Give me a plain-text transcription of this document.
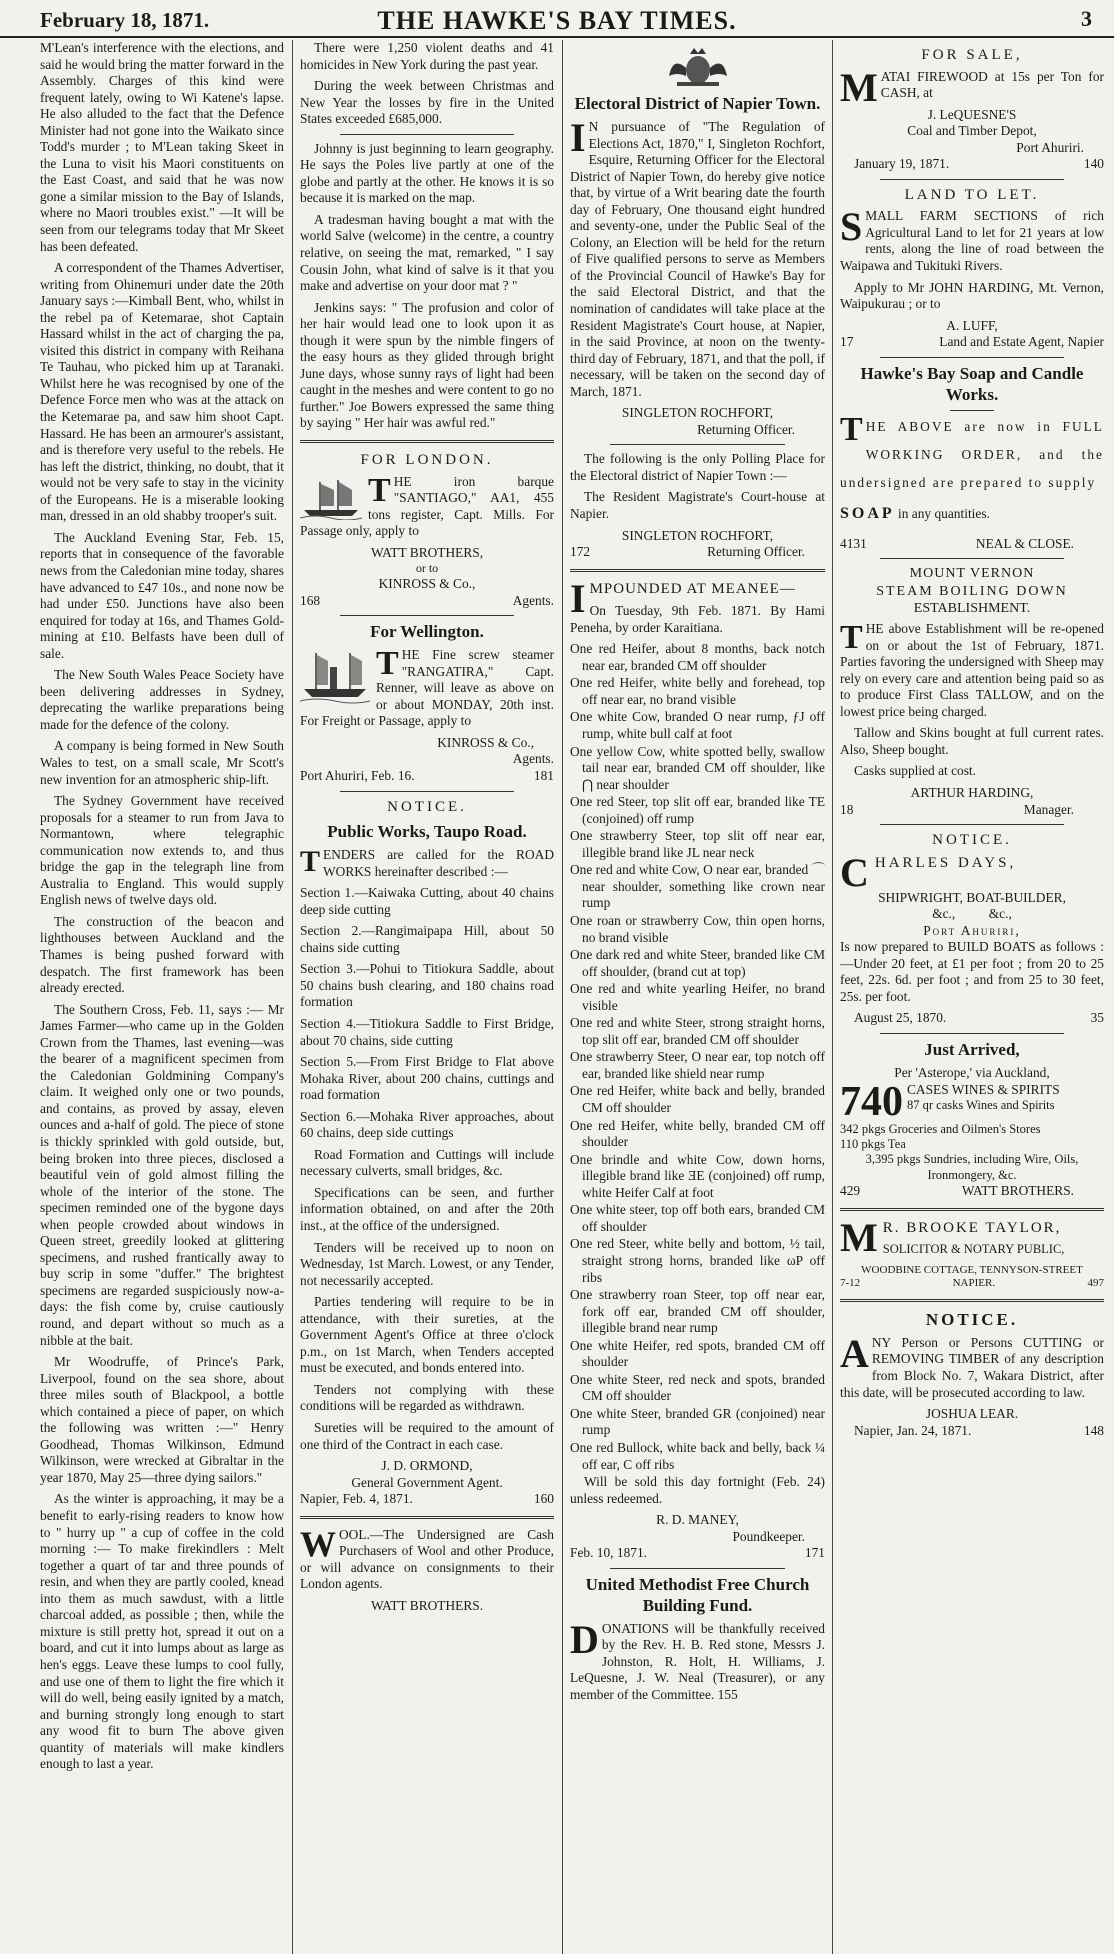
February 18, 1871.	THE HAWKE'S BAY TIMES.	3

M'Lean's interference with the elections, and said he would bring the matter forward in the Assembly. Charges of this kind were frequent lately, owing to Wi Katene's lapse. He also alluded to the fact that the Defence Minister had not gone into the Waikato since Todd's murder ; to M'Lean taking Skeet in the Luna to visit his Maori constituents on the East Coast, and said that he was now gone a similar mission to the Bay of Islands, where no Maori troubles exist." —It will be seen from our telegrams today that Mr Skeet has been defeated.

A correspondent of the Thames Advertiser, writing from Ohinemuri under date the 20th January says :—Kimball Bent, who, whilst in the rebel pa of Ketemarae, shot Captain Hassard whilst in the act of charging the pa, visited this district in company with Reihana Te Tauhau, who picked him up at Taranaki. Whilst here he was recognised by one of the Defence Force men who was at the attack on the Ketemarae pa, and saw him shoot Capt. Hassard. He has been an armourer's assistant, and is therefore very useful to the rebels. He has left the district, thinking, no doubt, that it would not be very safe to stay in the vicinity of the Europeans. He is a miserable looking man, dressed in an old shabby trooper's suit.

The Auckland Evening Star, Feb. 15, reports that in consequence of the favorable news from the Caledonian mine today, shares have advanced to £47 10s., and none now be had under £50. Junctions have also been enquired for today at 16s, and Thames Gold-mining at £10. Belfasts have been dull of sale.

The New South Wales Peace Society have been delivering addresses in Sydney, deprecating the warlike preparations being made for the defence of the colony.

A company is being formed in New South Wales to test, on a small scale, Mr Scott's new invention for an atmospheric ship-lift.

The Sydney Government have received proposals for a steamer to run from Java to Normantown, where telegraphic communication now extends to, and thus bridge the gap in the telegraph line from Australia to England. This would supply English news of twelve days old.

The construction of the beacon and lighthouses between Auckland and the Thames is being pushed forward with despatch. The first framework has been already erected.

The Southern Cross, Feb. 11, says :— Mr James Farmer—who came up in the Golden Crown from the Thames, last evening—was the bearer of a magnificent specimen from the Caledonian Goldmining Company's claim. It weighed only one or two pounds, and contains, as proved by assay, eleven ounces and a-half of gold. The piece of stone is thickly sprinkled with gold outside, but, being broken into three pieces, disclosed a beautiful vein of gold almost filling the whole of the interior of the stone. The specimen reminded one of the bygone days when people crowded about windows in Queen street, greedily looked at glittering specimens, and rushed frantically away to buy scrip in some "duffer." The brightest specimens are regarded suspiciously now-a-days: the fish come by, cruise cautiously round, and depart without so much as a nibble at the bait.

Mr Woodruffe, of Prince's Park, Liverpool, found on the sea shore, about three miles south of Blackpool, a bottle which contained a piece of paper, on which the following was written :—" Henry Goodhead, Thomas Wilkinson, Edmund Wilkinson, were wrecked at Gibraltar in the year 1870, May 25—three dying sailors."

As the winter is approaching, it may be a benefit to early-rising readers to know how to " hurry up " a cup of coffee in the cold morning :— To make firekindlers : Melt together a quart of tar and three pounds of resin, and when they are partly cooled, knead into them as much sawdust, with a little charcoal added, as possible ; then, while the mixture is still pretty hot, spread it out on a board, and cut it into lumps about as large as hen's eggs. Leave these lumps to cool fully, and use one of them to light the fire which it will do well, being easily ignited by a match, and burning strongly long enough to start any wood fit to burn The above given quantity of materials will make kindlers enough to last a year.

There were 1,250 violent deaths and 41 homicides in New York during the past year.

During the week between Christmas and New Year the losses by fire in the United States exceeded £685,000.

Johnny is just beginning to learn geography. He says the Poles live partly at one of the globe and partly at the other. He knows it is so because it is marked on the map.

A tradesman having bought a mat with the world Salve (welcome) in the centre, a country relative, on seeing the mat, remarked, " I say Cousin John, what kind of salve is it that you make and advertise on your door mat ? "

Jenkins says: " The profusion and color of her hair would lead one to look upon it as though it were spun by the nimble fingers of the easy hours as they glided through bright June days, whose sunny rays of light had been caught in the meshes and were content to go no further." Joe Bowers expressed the same thing by saying " Her hair was awful red."

FOR LONDON.

THE iron barque "SANTIAGO," AA1, 455 tons register, Capt. Mills. For Passage only, apply to

WATT BROTHERS,
or to
KINROSS & Co.,
168	Agents.
For Wellington.

THE Fine screw steamer "RANGATIRA," Capt. Renner, will leave as above on or about MONDAY, 20th inst. For Freight or Passage, apply to

KINROSS & Co.,
Agents.
Port Ahuriri, Feb. 16.	181
NOTICE.
Public Works, Taupo Road.

TENDERS are called for the ROAD WORKS hereinafter described :—

Section 1.—Kaiwaka Cutting, about 40 chains deep side cutting

Section 2.—Rangimaipapa Hill, about 50 chains side cutting

Section 3.—Pohui to Titiokura Saddle, about 50 chains bush clearing, and 180 chains road formation

Section 4.—Titiokura Saddle to First Bridge, about 70 chains, side cutting

Section 5.—From First Bridge to Flat above Mohaka River, about 200 chains, cuttings and road formation

Section 6.—Mohaka River approaches, about 60 chains, deep side cuttings

Road Formation and Cuttings will include necessary culverts, small bridges, &c.

Specifications can be seen, and further information obtained, on and after the 20th inst., at the office of the undersigned.

Tenders will be received up to noon on Wednesday, 1st March. Lowest, or any Tender, not necessarily accepted.

Parties tendering will require to be in attendance, with their sureties, at the Government Agent's Office at three o'clock p.m., on 1st March, when Tenders accepted must be executed, and bonds entered into.

Tenders not complying with these conditions will be regarded as withdrawn.

Sureties will be required to the amount of one third of the Contract in each case.

J. D. ORMOND,
General Government Agent.
Napier, Feb. 4, 1871.	160

WOOL.—The Undersigned are Cash Purchasers of Wool and other Produce, or will advance on consignments to their London agents.

WATT BROTHERS.
Electoral District of Napier Town.

I N pursuance of "The Regulation of Elections Act, 1870," I, Singleton Rochfort, Esquire, Returning Officer for the Electoral District of Napier Town, do hereby give notice that, by virtue of a Writ bearing date the fourth day of February, One thousand eight hundred and seventy-one, under the Public Seal of the Colony, an Election will be held for the return of Five qualified persons to serve as Members of the Provincial Council of Hawke's Bay for the said Electoral District, and that the nomination of candidates will take place at the Resident Magistrate's Court house, at Napier, in the said Province, at noon on the twenty-third day of February, 1871, and that the poll, if necessary, will be taken on the second day of March, 1871.

SINGLETON ROCHFORT,
Returning Officer.

The following is the only Polling Place for the Electoral district of Napier Town :—

The Resident Magistrate's Court-house at Napier.

SINGLETON ROCHFORT,
172	Returning Officer.

IMPOUNDED AT MEANEE—

On Tuesday, 9th Feb. 1871. By Hami Peneha, by order Karaitiana.

One red Heifer, about 8 months, back notch near ear, branded CM off shoulder

One red Heifer, white belly and forehead, top off near ear, no brand visible

One white Cow, branded O near rump, ƒJ off rump, white bull calf at foot

One yellow Cow, white spotted belly, swallow tail near ear, branded CM off shoulder, like ⋂ near shoulder

One red Steer, top slit off ear, branded like TE (conjoined) off rump

One strawberry Steer, top slit off near ear, illegible brand like JL near neck

One red and white Cow, O near ear, branded ⌒ near shoulder, something like crown near rump

One roan or strawberry Cow, thin open horns, no brand visible

One dark red and white Steer, branded like CM off shoulder, (brand cut at top)

One red and white yearling Heifer, no brand visible

One red and white Steer, strong straight horns, top slit off ear, branded CM off shoulder

One strawberry Steer, O near ear, top notch off ear, branded like shield near rump

One red Heifer, white back and belly, branded CM off shoulder

One red Heifer, white belly, branded CM off shoulder

One brindle and white Cow, down horns, illegible brand like ƎE (conjoined) off rump, white Heifer Calf at foot

One white steer, top off both ears, branded CM off shoulder

One red Steer, white belly and bottom, ½ tail, straight strong horns, branded like ωP off ribs

One strawberry roan Steer, top off near ear, fork off ear, branded CM off shoulder, illegible brand near rump

One white Heifer, red spots, branded CM off shoulder

One white Steer, red neck and spots, branded CM off shoulder

One white Steer, branded GR (conjoined) near rump

One red Bullock, white back and belly, back ¼ off ear, C off ribs

Will be sold this day fortnight (Feb. 24) unless redeemed.

R. D. MANEY,
Poundkeeper.
Feb. 10, 1871.	171
United Methodist Free Church Building Fund.

DONATIONS will be thankfully received by the Rev. H. B. Red stone, Messrs J. Johnston, R. Holt, H. Williams, J. LeQuesne, J. W. Neal (Treasurer), or any member of the Committee. 155

FOR SALE,

MATAI FIREWOOD at 15s per Ton for CASH, at

J. LeQUESNE'S
Coal and Timber Depot,
Port Ahuriri.
January 19, 1871.	140
LAND TO LET.

SMALL FARM SECTIONS of rich Agricultural Land to let for 21 years at low rents, along the line of road between the Waipawa and Tukituki Rivers.

Apply to Mr JOHN HARDING, Mt. Vernon, Waipukurau ; or to

A. LUFF,
17	Land and Estate Agent, Napier
Hawke's Bay Soap and Candle Works.

THE ABOVE are now in FULL WORKING ORDER, and the undersigned are prepared to supply
SOAP in any quantities.

4131	NEAL & CLOSE.
MOUNT VERNON
STEAM BOILING DOWN
ESTABLISHMENT.

THE above Establishment will be re-opened on or about the 1st of February, 1871. Parties favoring the undersigned with Sheep may rely on every care and attention being paid so as to produce First Class TALLOW, and on the lowest price being charged.

Tallow and Skins bought at full current rates. Also, Sheep bought.

Casks supplied at cost.

ARTHUR HARDING,
18	Manager.
NOTICE.

CHARLES DAYS,

SHIPWRIGHT, BOAT-BUILDER,
&c.,          &c.,
Port Ahuriri,

Is now prepared to BUILD BOATS as follows :—Under 20 feet, at £1 per foot ; from 20 to 25 feet, 22s. 6d. per foot ; and from 25 to 30 feet, 25s. per foot.

August 25, 1870.	35
Just Arrived,
Per 'Asterope,' via Auckland,
740 CASES WINES & SPIRITS
87 qr casks Wines and Spirits
342 pkgs Groceries and Oilmen's Stores
110 pkgs Tea
3,395 pkgs Sundries, including Wire, Oils, Ironmongery, &c.
429	WATT BROTHERS.

M R. BROOKE TAYLOR,

SOLICITOR & NOTARY PUBLIC,
WOODBINE COTTAGE, TENNYSON-STREET
7-12	NAPIER.	497
NOTICE.

ANY Person or Persons CUTTING or REMOVING TIMBER of any description from Block No. 7, Wakara District, after this date, will be prosecuted according to law.

JOSHUA LEAR.
Napier, Jan. 24, 1871.	148
